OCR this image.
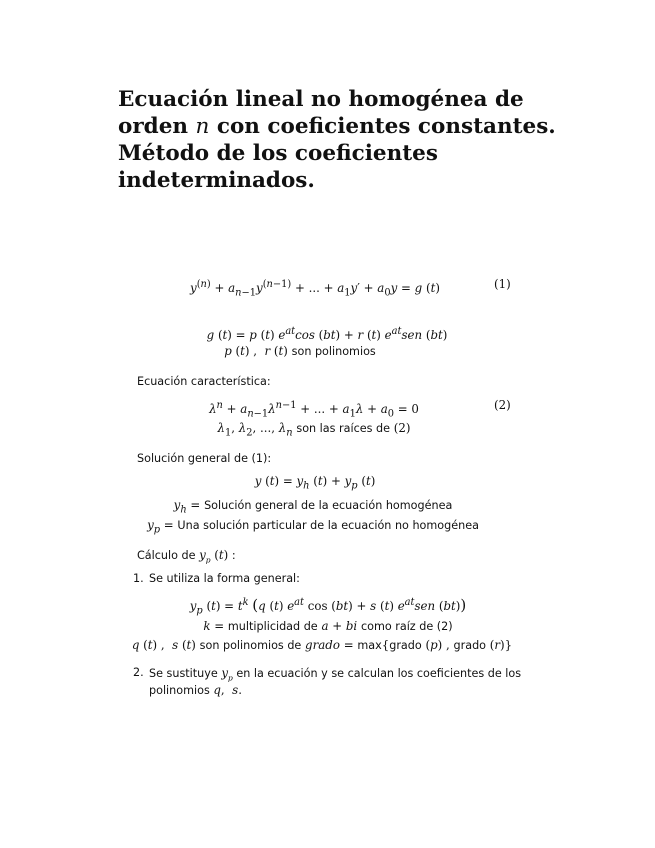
Ecuación lineal no homogénea de
orden n con coeficientes constantes.
Método de los coeficientes
indeterminados.
$y^{(n)} + a_{n-1}y^{(n-1)}$ + ... + $a_1y' + a_0y = g$ (t)	(1)
g (t) = p (t) $e^{at}\cos$ (bt) + r (t) $e^{at}sen$ (bt)
p (t) ,  r (t) son polinomios
Ecuación característica:
$\lambda^n + a_{n-1}\lambda^{n-1}$ + ... + $a_1\lambda + a_0 = 0$	(2)
$\lambda_1$, $\lambda_2$, ..., $\lambda_n$ son las raíces de (2)
Solución general de (1):
y $(t) = y_h$ $(t) + y_p$ (t)
$y_h$ = Solución general de la ecuación homogénea
$y_p$ = Una solución particular de la ecuación no homogénea
Cálculo de $y_p$ (t) :
1. Se utiliza la forma general:
$y_p$ $(t) = t^k$ (q (t) $e^{at}$ cos (bt) + s (t) $e^{at}sen$ (bt))
k = multiplicidad de a + bi como raíz de (2)
q (t) ,  s (t) son polinomios de grado = max{grado (p) , grado (r)}
2. Se sustituye $y_p$ en la ecuación y se calculan los coeficientes de los
polinomios q,  s.
